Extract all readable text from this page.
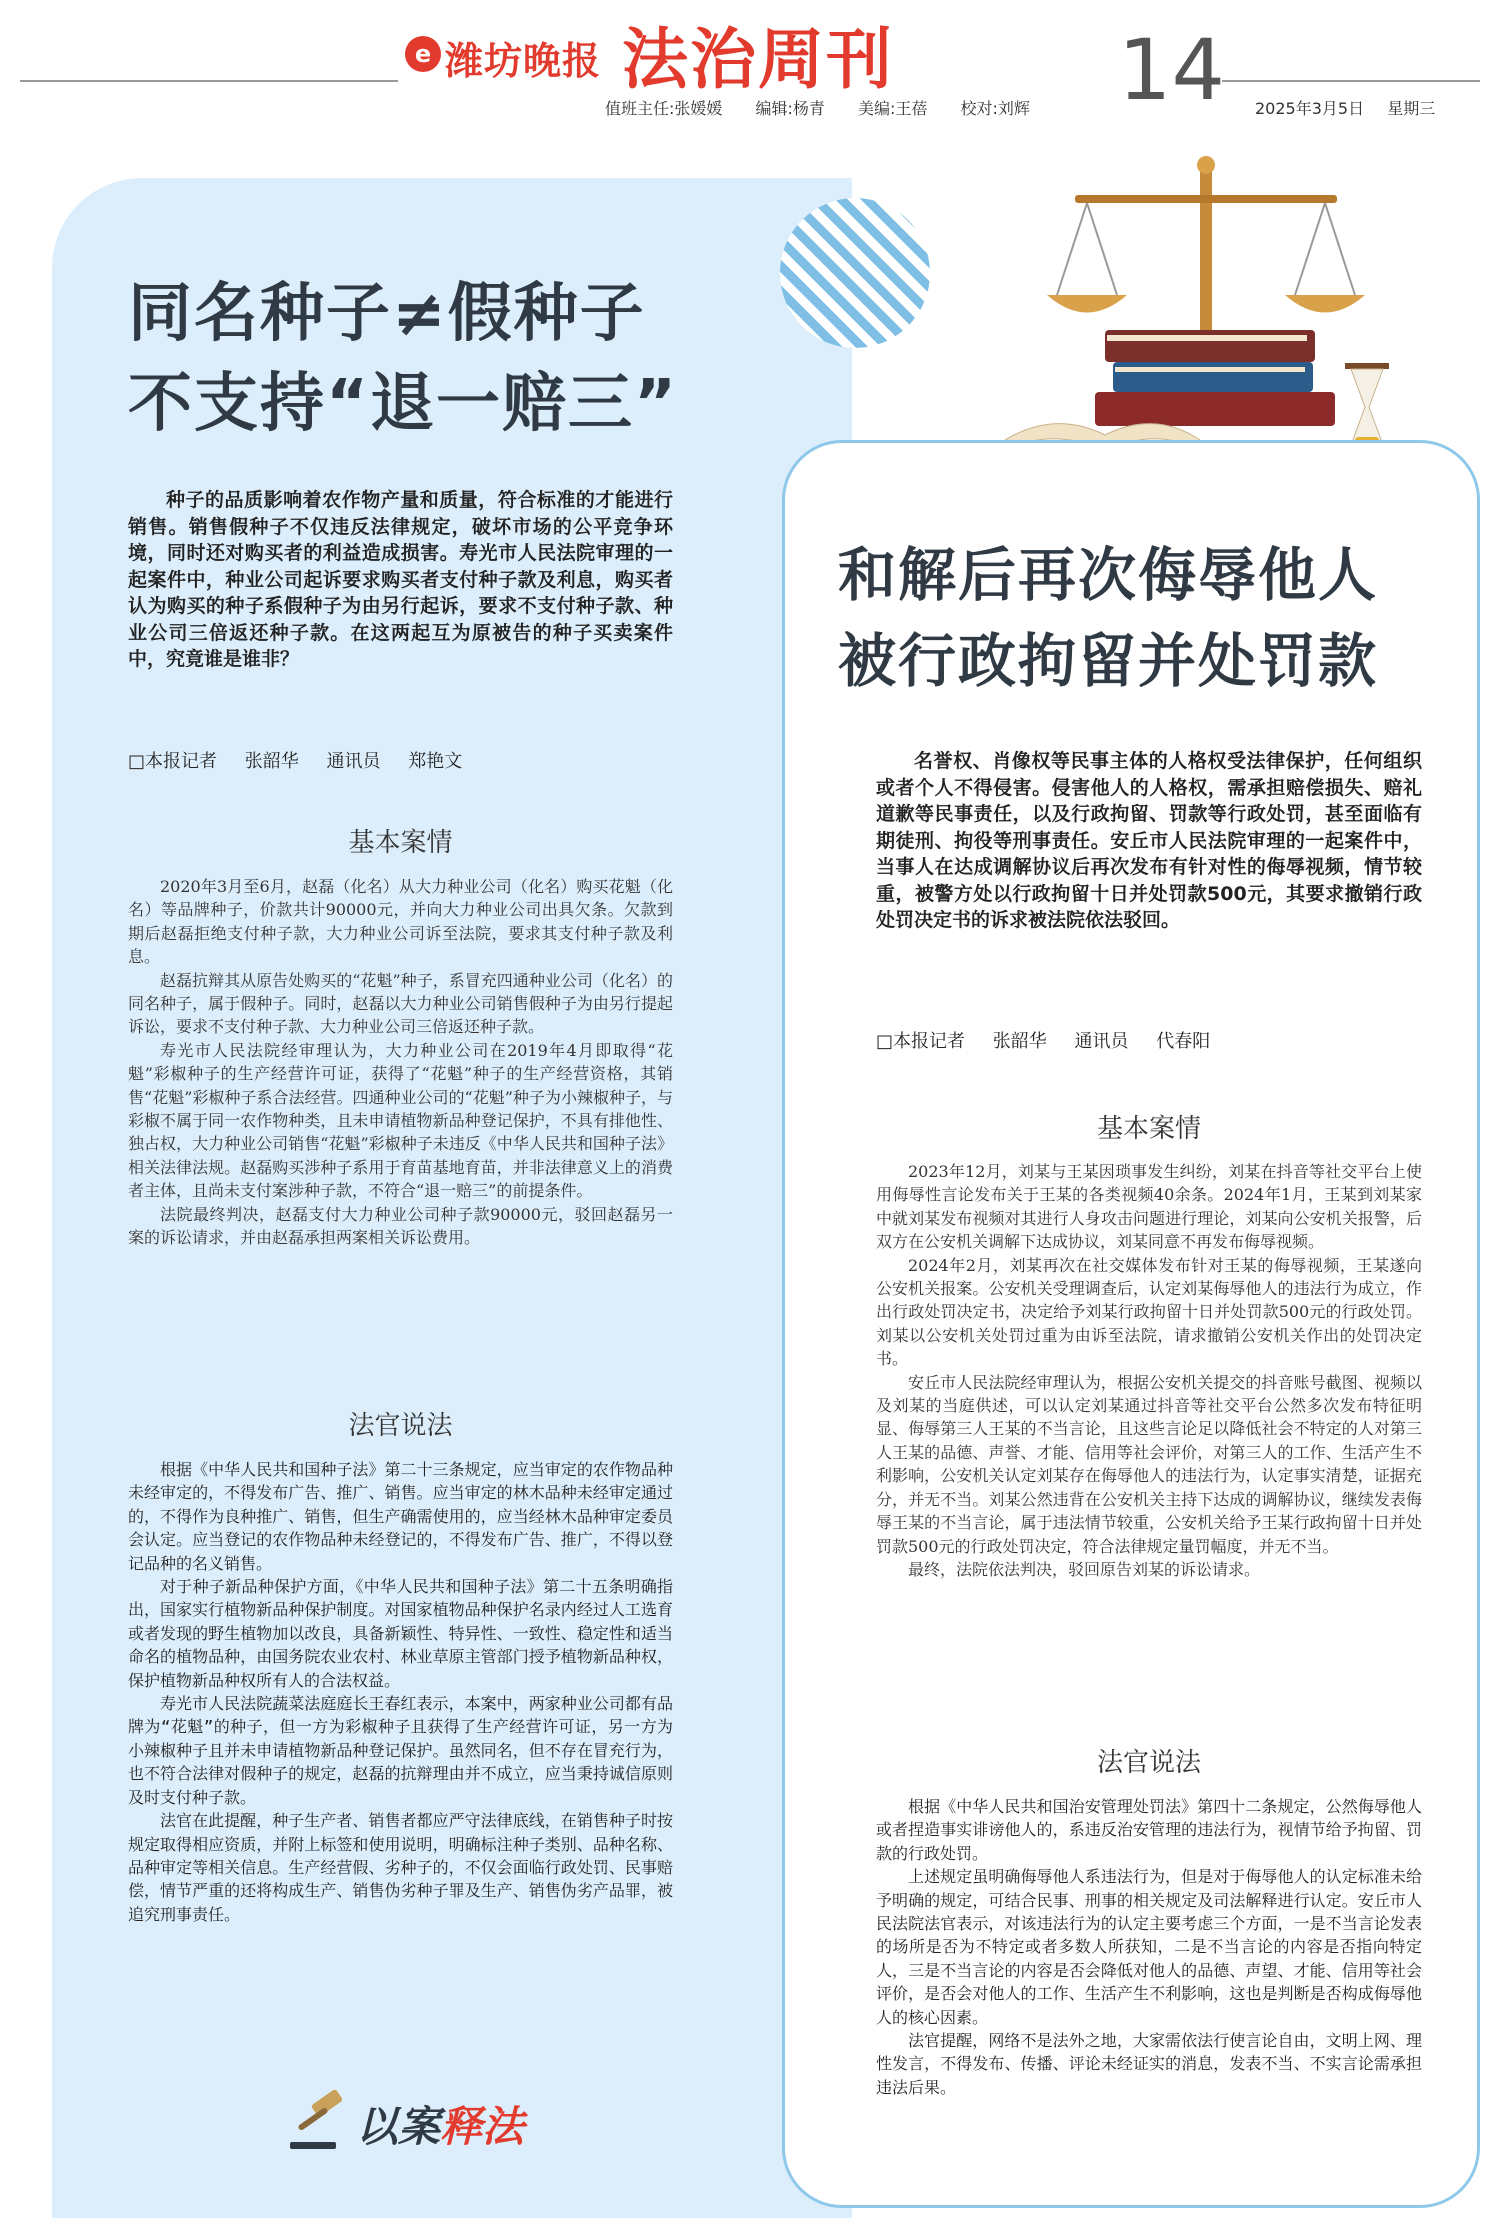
e 潍坊晚报 法治周刊
值班主任:张媛媛 编辑:杨青 美编:王蓓 校对:刘辉	14 2025年3月5日 星期三
同名种子≠假种子
不支持“退一赔三”
种子的品质影响着农作物产量和质量，符合标准的才能进行销售。销售假种子不仅违反法律规定，破坏市场的公平竞争环境，同时还对购买者的利益造成损害。寿光市人民法院审理的一起案件中，种业公司起诉要求购买者支付种子款及利息，购买者认为购买的种子系假种子为由另行起诉，要求不支付种子款、种业公司三倍返还种子款。在这两起互为原被告的种子买卖案件中，究竟谁是谁非？
□本报记者 张韶华 通讯员 郑艳文
基本案情

2020年3月至6月，赵磊（化名）从大力种业公司（化名）购买花魁（化名）等品牌种子，价款共计90000元，并向大力种业公司出具欠条。欠款到期后赵磊拒绝支付种子款，大力种业公司诉至法院，要求其支付种子款及利息。

赵磊抗辩其从原告处购买的“花魁”种子，系冒充四通种业公司（化名）的同名种子，属于假种子。同时，赵磊以大力种业公司销售假种子为由另行提起诉讼，要求不支付种子款、大力种业公司三倍返还种子款。

寿光市人民法院经审理认为，大力种业公司在2019年4月即取得“花魁”彩椒种子的生产经营许可证，获得了“花魁”种子的生产经营资格，其销售“花魁”彩椒种子系合法经营。四通种业公司的“花魁”种子为小辣椒种子，与彩椒不属于同一农作物种类，且未申请植物新品种登记保护，不具有排他性、独占权，大力种业公司销售“花魁”彩椒种子未违反《中华人民共和国种子法》相关法律法规。赵磊购买涉种子系用于育苗基地育苗，并非法律意义上的消费者主体，且尚未支付案涉种子款，不符合“退一赔三”的前提条件。

法院最终判决，赵磊支付大力种业公司种子款90000元，驳回赵磊另一案的诉讼请求，并由赵磊承担两案相关诉讼费用。

法官说法

根据《中华人民共和国种子法》第二十三条规定，应当审定的农作物品种未经审定的，不得发布广告、推广、销售。应当审定的林木品种未经审定通过的，不得作为良种推广、销售，但生产确需使用的，应当经林木品种审定委员会认定。应当登记的农作物品种未经登记的，不得发布广告、推广，不得以登记品种的名义销售。

对于种子新品种保护方面，《中华人民共和国种子法》第二十五条明确指出，国家实行植物新品种保护制度。对国家植物品种保护名录内经过人工选育或者发现的野生植物加以改良，具备新颖性、特异性、一致性、稳定性和适当命名的植物品种，由国务院农业农村、林业草原主管部门授予植物新品种权，保护植物新品种权所有人的合法权益。

寿光市人民法院蔬菜法庭庭长王春红表示，本案中，两家种业公司都有品牌为“花魁”的种子，但一方为彩椒种子且获得了生产经营许可证，另一方为小辣椒种子且并未申请植物新品种登记保护。虽然同名，但不存在冒充行为，也不符合法律对假种子的规定，赵磊的抗辩理由并不成立，应当秉持诚信原则及时支付种子款。

法官在此提醒，种子生产者、销售者都应严守法律底线，在销售种子时按规定取得相应资质，并附上标签和使用说明，明确标注种子类别、品种名称、品种审定等相关信息。生产经营假、劣种子的，不仅会面临行政处罚、民事赔偿，情节严重的还将构成生产、销售伪劣种子罪及生产、销售伪劣产品罪，被追究刑事责任。

以案释法
和解后再次侮辱他人
被行政拘留并处罚款
名誉权、肖像权等民事主体的人格权受法律保护，任何组织或者个人不得侵害。侵害他人的人格权，需承担赔偿损失、赔礼道歉等民事责任，以及行政拘留、罚款等行政处罚，甚至面临有期徒刑、拘役等刑事责任。安丘市人民法院审理的一起案件中，当事人在达成调解协议后再次发布有针对性的侮辱视频，情节较重，被警方处以行政拘留十日并处罚款500元，其要求撤销行政处罚决定书的诉求被法院依法驳回。
□本报记者 张韶华 通讯员 代春阳
基本案情

2023年12月，刘某与王某因琐事发生纠纷，刘某在抖音等社交平台上使用侮辱性言论发布关于王某的各类视频40余条。2024年1月，王某到刘某家中就刘某发布视频对其进行人身攻击问题进行理论，刘某向公安机关报警，后双方在公安机关调解下达成协议，刘某同意不再发布侮辱视频。

2024年2月，刘某再次在社交媒体发布针对王某的侮辱视频，王某遂向公安机关报案。公安机关受理调查后，认定刘某侮辱他人的违法行为成立，作出行政处罚决定书，决定给予刘某行政拘留十日并处罚款500元的行政处罚。刘某以公安机关处罚过重为由诉至法院，请求撤销公安机关作出的处罚决定书。

安丘市人民法院经审理认为，根据公安机关提交的抖音账号截图、视频以及刘某的当庭供述，可以认定刘某通过抖音等社交平台公然多次发布特征明显、侮辱第三人王某的不当言论，且这些言论足以降低社会不特定的人对第三人王某的品德、声誉、才能、信用等社会评价，对第三人的工作、生活产生不利影响，公安机关认定刘某存在侮辱他人的违法行为，认定事实清楚，证据充分，并无不当。刘某公然违背在公安机关主持下达成的调解协议，继续发表侮辱王某的不当言论，属于违法情节较重，公安机关给予王某行政拘留十日并处罚款500元的行政处罚决定，符合法律规定量罚幅度，并无不当。

最终，法院依法判决，驳回原告刘某的诉讼请求。

法官说法

根据《中华人民共和国治安管理处罚法》第四十二条规定，公然侮辱他人或者捏造事实诽谤他人的，系违反治安管理的违法行为，视情节给予拘留、罚款的行政处罚。

上述规定虽明确侮辱他人系违法行为，但是对于侮辱他人的认定标准未给予明确的规定，可结合民事、刑事的相关规定及司法解释进行认定。安丘市人民法院法官表示，对该违法行为的认定主要考虑三个方面，一是不当言论发表的场所是否为不特定或者多数人所获知，二是不当言论的内容是否指向特定人，三是不当言论的内容是否会降低对他人的品德、声望、才能、信用等社会评价，是否会对他人的工作、生活产生不利影响，这也是判断是否构成侮辱他人的核心因素。

法官提醒，网络不是法外之地，大家需依法行使言论自由，文明上网、理性发言，不得发布、传播、评论未经证实的消息，发表不当、不实言论需承担违法后果。
